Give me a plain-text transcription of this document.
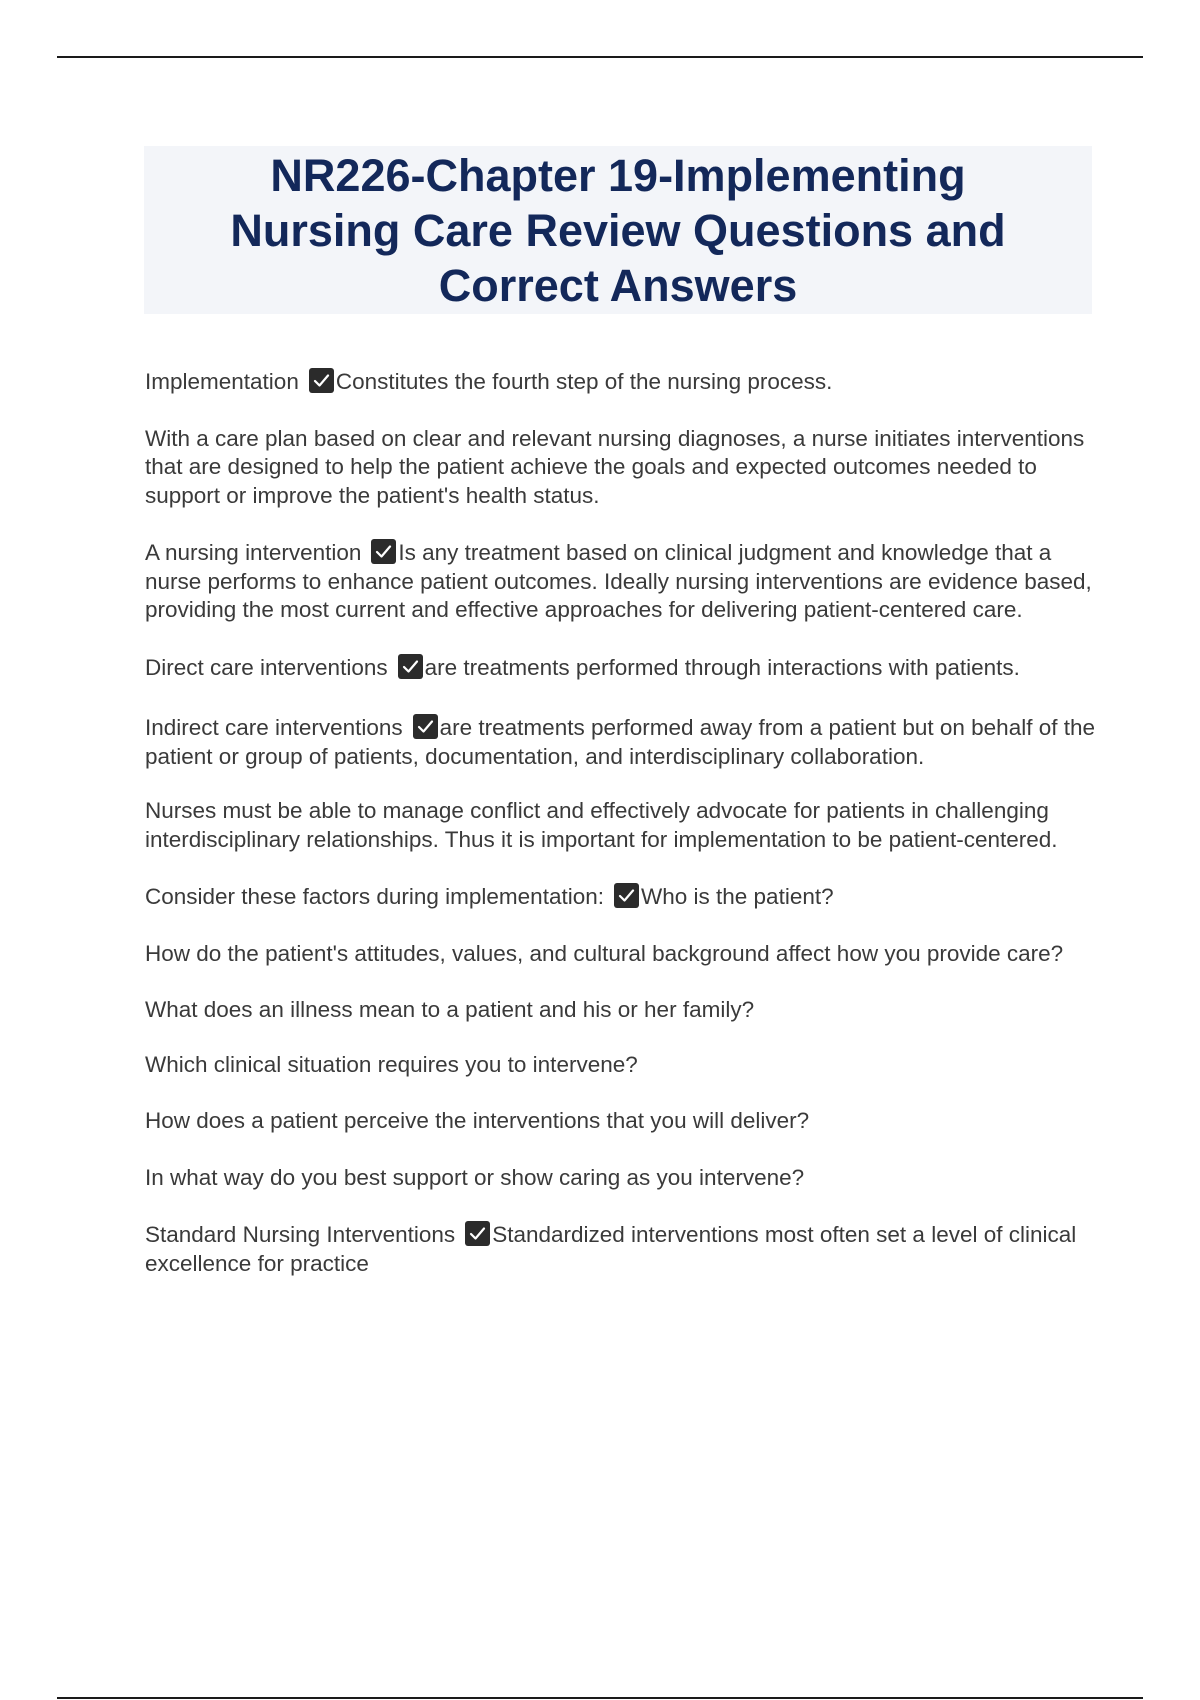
NR226-Chapter 19-Implementing
Nursing Care Review Questions and
Correct Answers

Implementation Constitutes the fourth step of the nursing process.

With a care plan based on clear and relevant nursing diagnoses, a nurse initiates interventions that are designed to help the patient achieve the goals and expected outcomes needed to support or improve the patient's health status.

A nursing intervention Is any treatment based on clinical judgment and knowledge that a nurse performs to enhance patient outcomes. Ideally nursing interventions are evidence based, providing the most current and effective approaches for delivering patient-centered care.

Direct care interventions are treatments performed through interactions with patients.

Indirect care interventions are treatments performed away from a patient but on behalf of the patient or group of patients, documentation, and interdisciplinary collaboration.

Nurses must be able to manage conflict and effectively advocate for patients in challenging interdisciplinary relationships. Thus it is important for implementation to be patient-centered.

Consider these factors during implementation: Who is the patient?

How do the patient's attitudes, values, and cultural background affect how you provide care?

What does an illness mean to a patient and his or her family?

Which clinical situation requires you to intervene?

How does a patient perceive the interventions that you will deliver?

In what way do you best support or show caring as you intervene?

Standard Nursing Interventions Standardized interventions most often set a level of clinical excellence for practice
